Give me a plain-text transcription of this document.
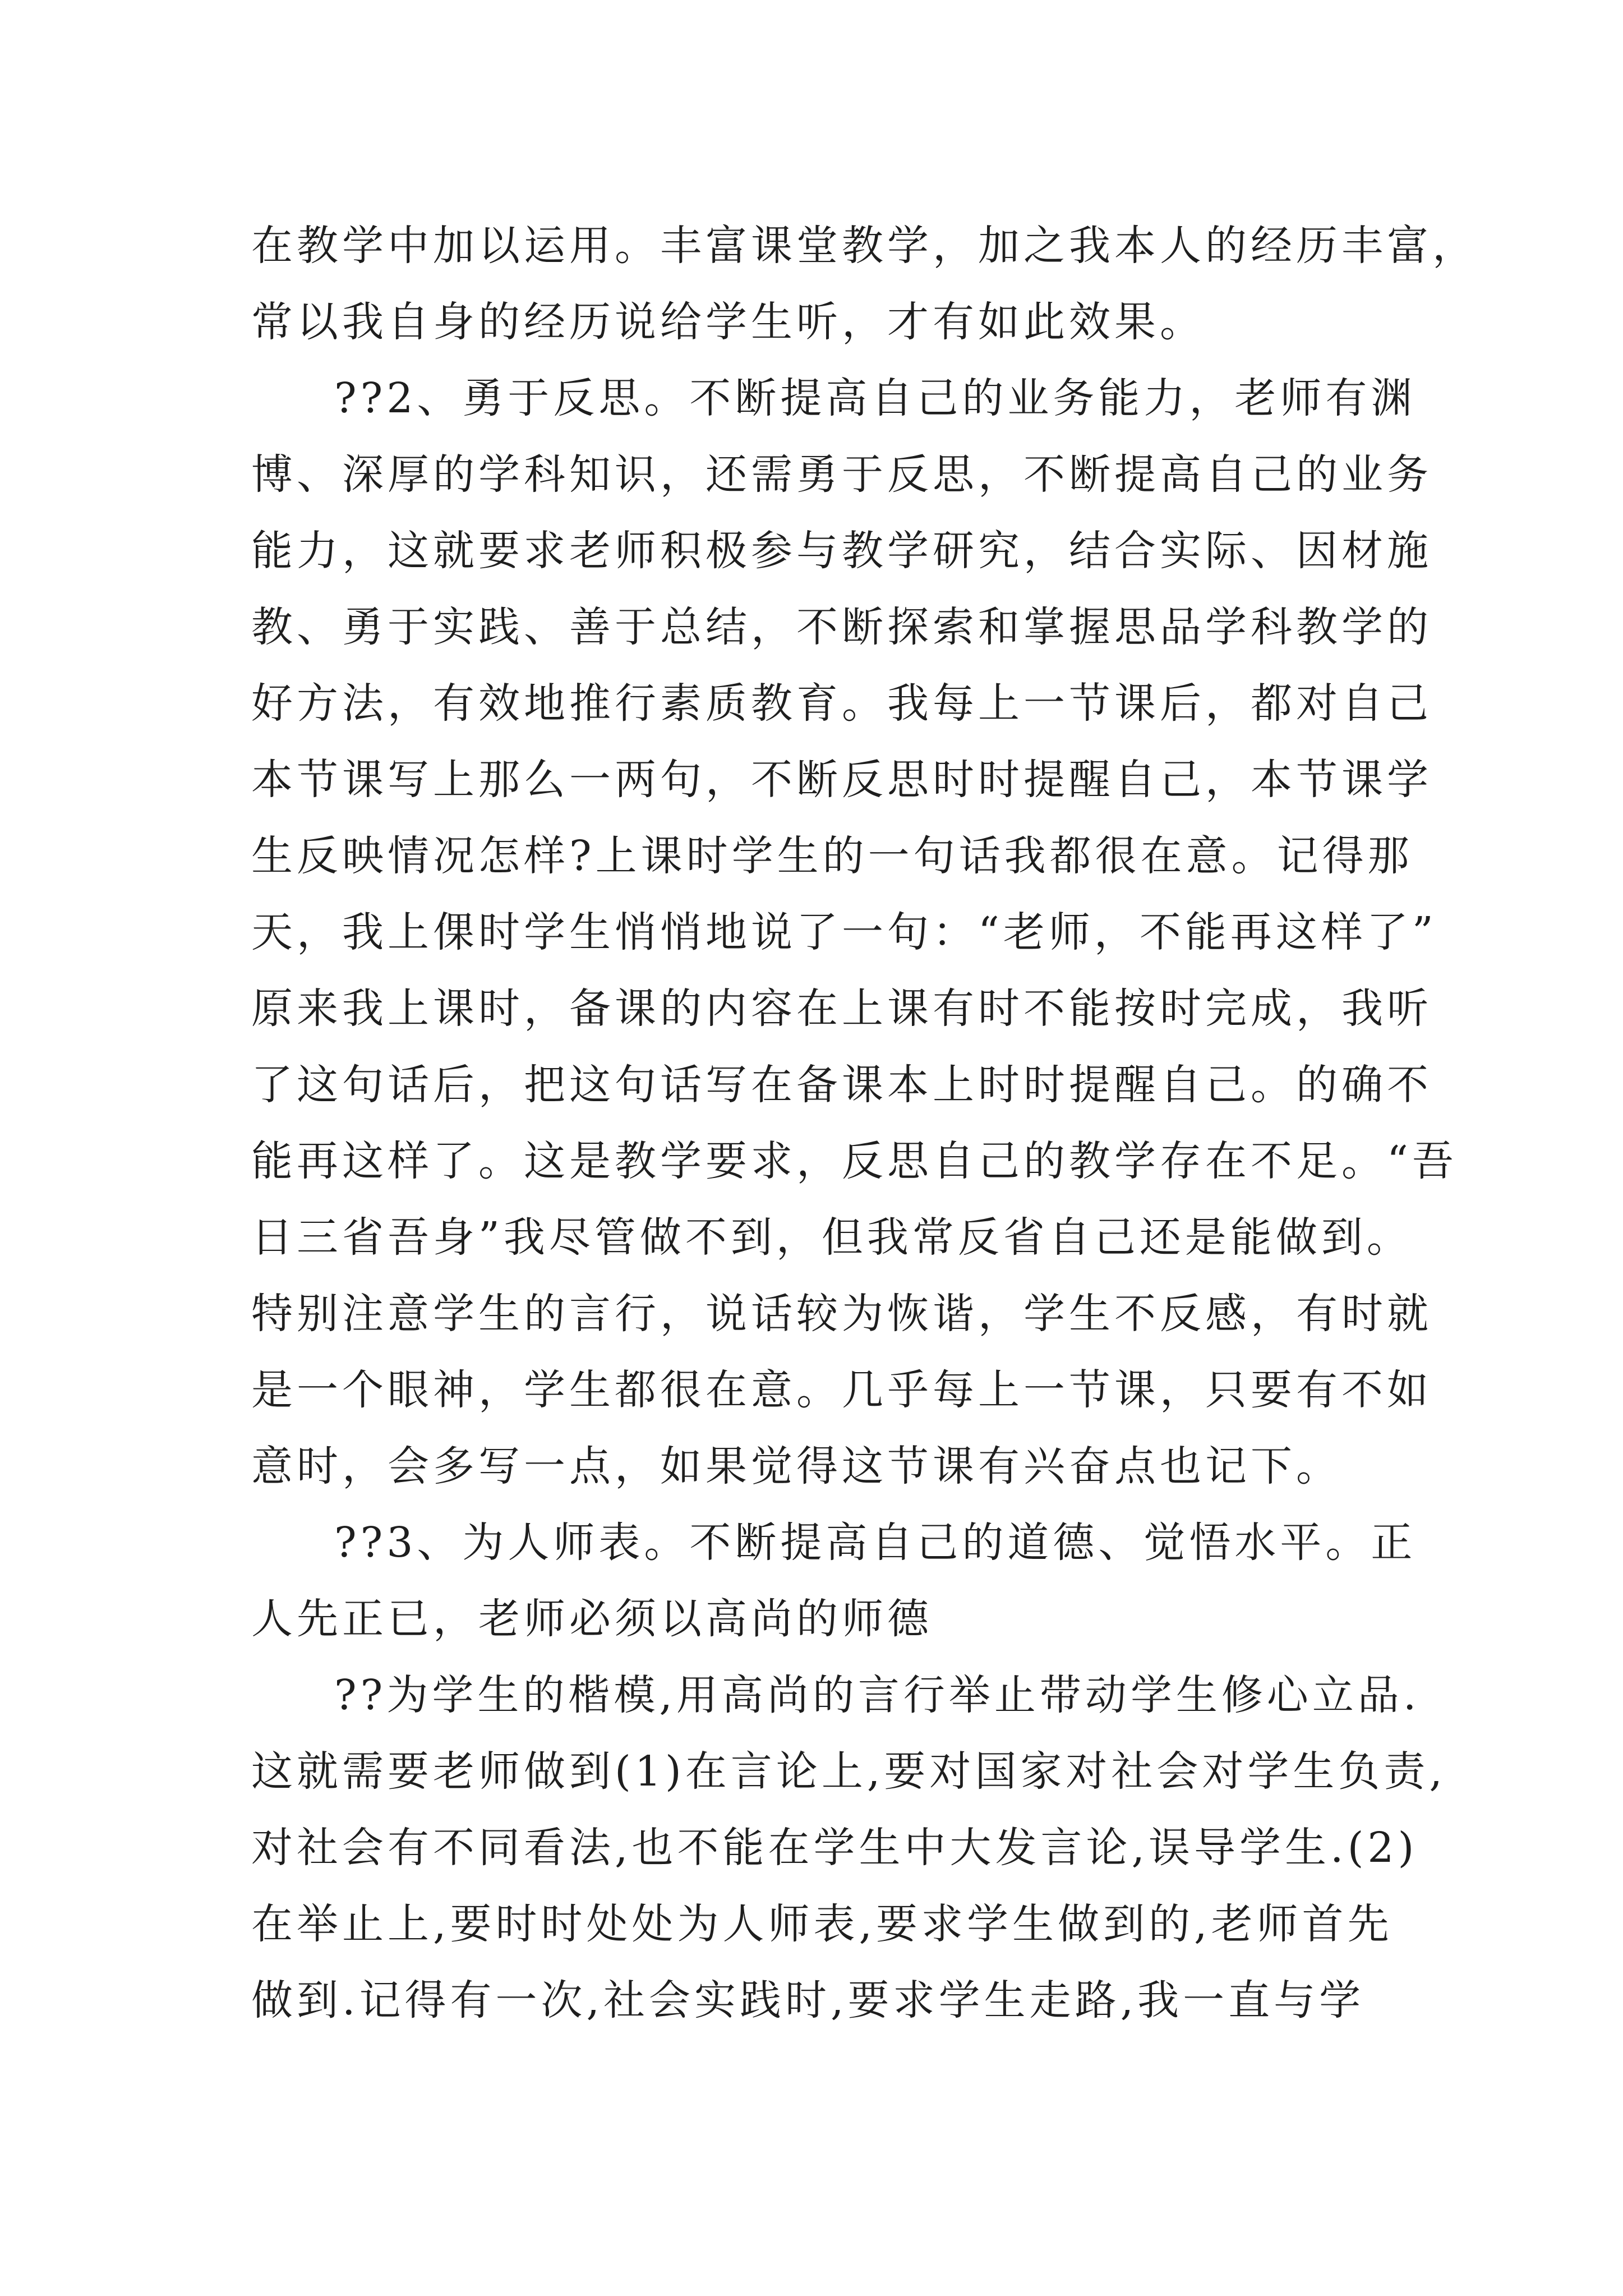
在教学中加以运用。丰富课堂教学，加之我本人的经历丰富，
常以我自身的经历说给学生听，才有如此效果。
??2、勇于反思。不断提高自己的业务能力，老师有渊
博、深厚的学科知识，还需勇于反思，不断提高自己的业务
能力，这就要求老师积极参与教学研究，结合实际、因材施
教、勇于实践、善于总结，不断探索和掌握思品学科教学的
好方法，有效地推行素质教育。我每上一节课后，都对自己
本节课写上那么一两句，不断反思时时提醒自己，本节课学
生反映情况怎样?上课时学生的一句话我都很在意。记得那
天，我上倮时学生悄悄地说了一句：“老师，不能再这样了”
原来我上课时，备课的内容在上课有时不能按时完成，我听
了这句话后，把这句话写在备课本上时时提醒自己。的确不
能再这样了。这是教学要求，反思自己的教学存在不足。“吾
日三省吾身”我尽管做不到，但我常反省自己还是能做到。
特别注意学生的言行，说话较为恢谐，学生不反感，有时就
是一个眼神，学生都很在意。几乎每上一节课，只要有不如
意时，会多写一点，如果觉得这节课有兴奋点也记下。
??3、为人师表。不断提高自己的道德、觉悟水平。正
人先正已，老师必须以高尚的师德
??为学生的楷模,用高尚的言行举止带动学生修心立品.
这就需要老师做到(1)在言论上,要对国家对社会对学生负责,
对社会有不同看法,也不能在学生中大发言论,误导学生.(2)
在举止上,要时时处处为人师表,要求学生做到的,老师首先
做到.记得有一次,社会实践时,要求学生走路,我一直与学
